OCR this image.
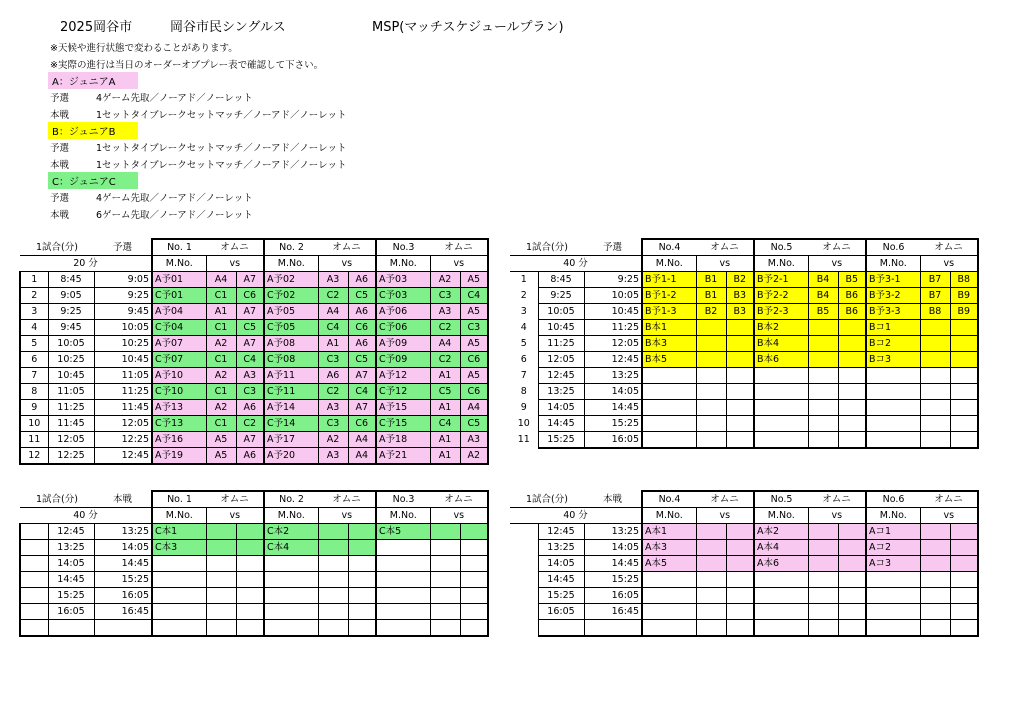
2025岡谷市	岡谷市民シングルス	MSP(マッチスケジュールプラン)
※天候や進行状態で変わることがあります。
※実際の進行は当日のオーダーオブプレー表で確認して下さい。
A：ジュニアA
予選	4ゲーム先取／ノーアド／ノーレット
本戦	1セットタイブレークセットマッチ／ノーアド／ノーレット
B：ジュニアB
予選	1セットタイブレークセットマッチ／ノーアド／ノーレット
本戦	1セットタイブレークセットマッチ／ノーアド／ノーレット
C：ジュニアC
予選	4ゲーム先取／ノーアド／ノーレット
本戦	6ゲーム先取／ノーアド／ノーレット
1試合(分)		予選	No. 1	オムニ		No. 2	オムニ		No.3	オムニ	
20 分			M.No.	vs		M.No.	vs		M.No.	vs	
1	8:45	9:05	A予01	A4	A7	A予02	A3	A6	A予03	A2	A5
2	9:05	9:25	C予01	C1	C6	C予02	C2	C5	C予03	C3	C4
3	9:25	9:45	A予04	A1	A7	A予05	A4	A6	A予06	A3	A5
4	9:45	10:05	C予04	C1	C5	C予05	C4	C6	C予06	C2	C3
5	10:05	10:25	A予07	A2	A7	A予08	A1	A6	A予09	A4	A5
6	10:25	10:45	C予07	C1	C4	C予08	C3	C5	C予09	C2	C6
7	10:45	11:05	A予10	A2	A3	A予11	A6	A7	A予12	A1	A5
8	11:05	11:25	C予10	C1	C3	C予11	C2	C4	C予12	C5	C6
9	11:25	11:45	A予13	A2	A6	A予14	A3	A7	A予15	A1	A4
10	11:45	12:05	C予13	C1	C2	C予14	C3	C6	C予15	C4	C5
11	12:05	12:25	A予16	A5	A7	A予17	A2	A4	A予18	A1	A3
12	12:25	12:45	A予19	A5	A6	A予20	A3	A4	A予21	A1	A2
1試合(分)		予選	No.4	オムニ		No.5	オムニ		No.6	オムニ	
40 分			M.No.	vs		M.No.	vs		M.No.	vs	
1	8:45	9:25	B予1-1	B1	B2	B予2-1	B4	B5	B予3-1	B7	B8
2	9:25	10:05	B予1-2	B1	B3	B予2-2	B4	B6	B予3-2	B7	B9
3	10:05	10:45	B予1-3	B2	B3	B予2-3	B5	B6	B予3-3	B8	B9
4	10:45	11:25	B本1			B本2			Bコ1		
5	11:25	12:05	B本3			B本4			Bコ2		
6	12:05	12:45	B本5			B本6			Bコ3		
7	12:45	13:25									
8	13:25	14:05									
9	14:05	14:45									
10	14:45	15:25									
11	15:25	16:05									
1試合(分)		本戦	No. 1	オムニ		No. 2	オムニ		No.3	オムニ	
40 分			M.No.	vs		M.No.	vs		M.No.	vs	
	12:45	13:25	C本1			C本2			C本5		
	13:25	14:05	C本3			C本4					
	14:05	14:45									
	14:45	15:25									
	15:25	16:05									
	16:05	16:45									

1試合(分)		本戦	No.4	オムニ		No.5	オムニ		No.6	オムニ	
40 分			M.No.	vs		M.No.	vs		M.No.	vs	
	12:45	13:25	A本1			A本2			Aコ1		
	13:25	14:05	A本3			A本4			Aコ2		
	14:05	14:45	A本5			A本6			Aコ3		
	14:45	15:25									
	15:25	16:05									
	16:05	16:45									
